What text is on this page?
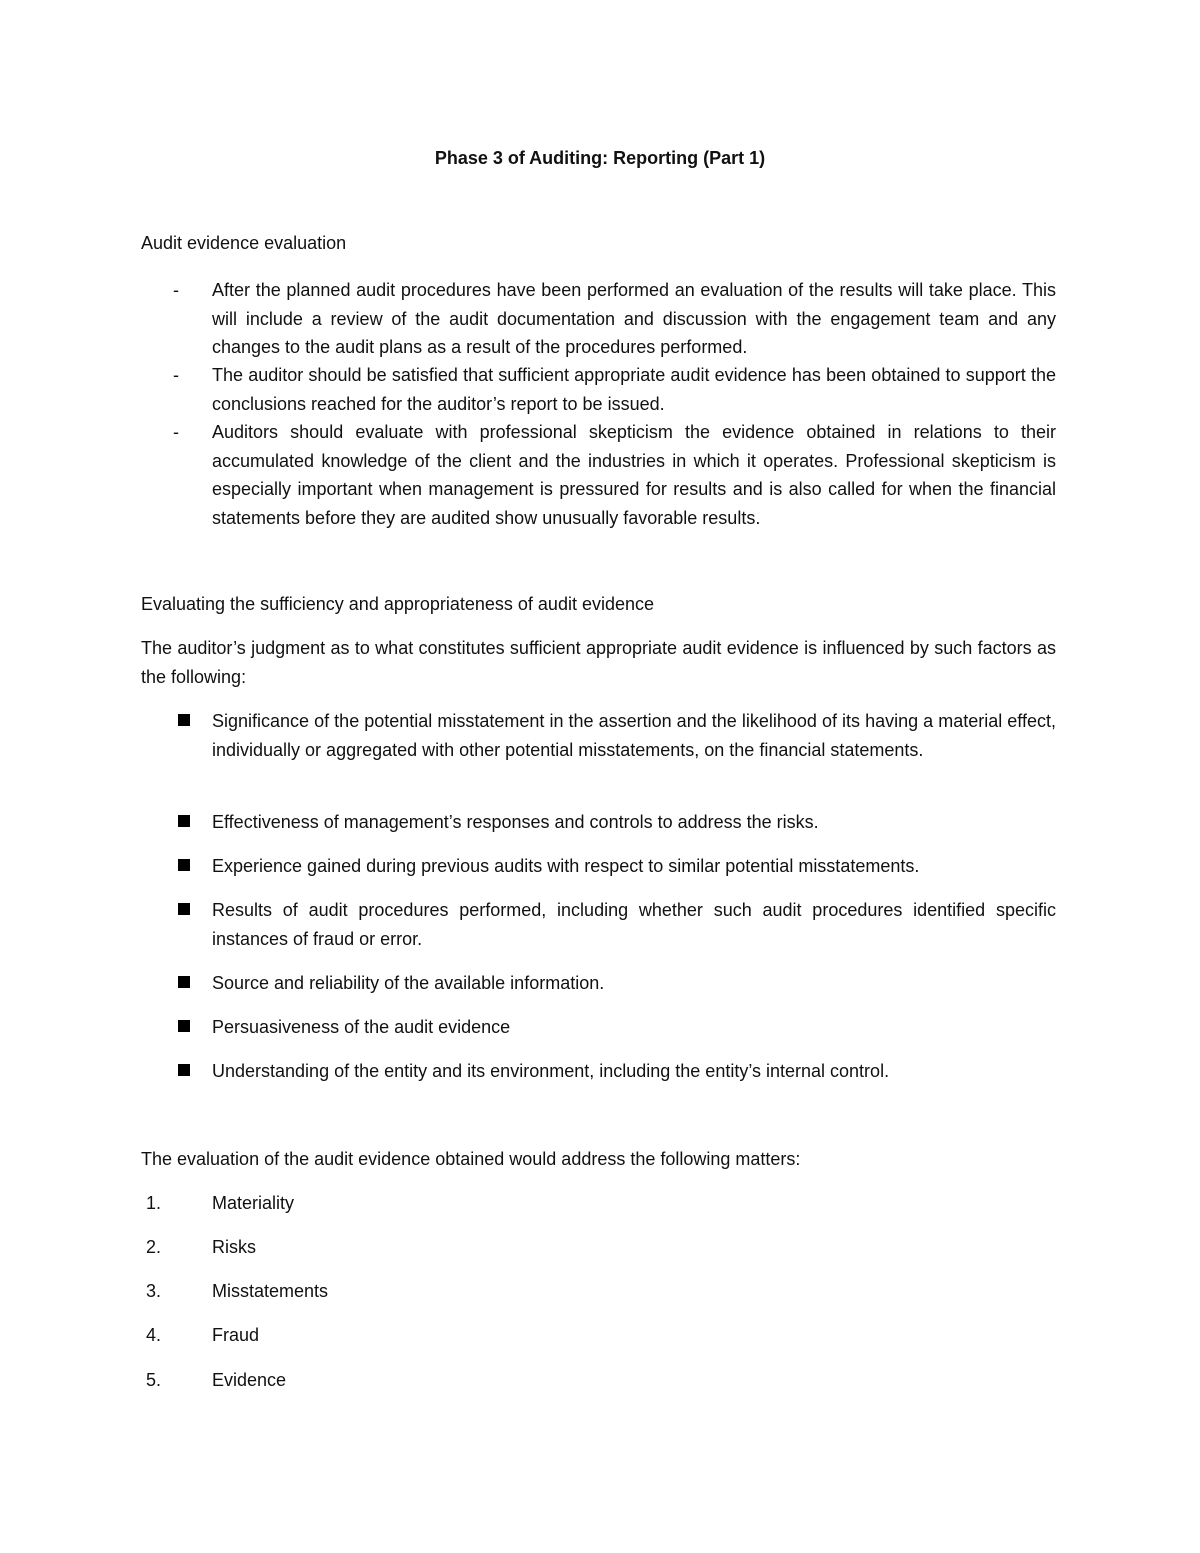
Phase 3 of Auditing: Reporting (Part 1)
Audit evidence evaluation
- After the planned audit procedures have been performed an evaluation of the results will take place. This will include a review of the audit documentation and discussion with the engagement team and any changes to the audit plans as a result of the procedures performed.
- The auditor should be satisfied that sufficient appropriate audit evidence has been obtained to support the conclusions reached for the auditor’s report to be issued.
- Auditors should evaluate with professional skepticism the evidence obtained in relations to their accumulated knowledge of the client and the industries in which it operates. Professional skepticism is especially important when management is pressured for results and is also called for when the financial statements before they are audited show unusually favorable results.
Evaluating the sufficiency and appropriateness of audit evidence
The auditor’s judgment as to what constitutes sufficient appropriate audit evidence is influenced by such factors as the following:
Significance of the potential misstatement in the assertion and the likelihood of its having a material effect, individually or aggregated with other potential misstatements, on the financial statements.
Effectiveness of management’s responses and controls to address the risks.
Experience gained during previous audits with respect to similar potential misstatements.
Results of audit procedures performed, including whether such audit procedures identified specific instances of fraud or error.
Source and reliability of the available information.
Persuasiveness of the audit evidence
Understanding of the entity and its environment, including the entity’s internal control.
The evaluation of the audit evidence obtained would address the following matters:
1.	Materiality
2.	Risks
3.	Misstatements
4.	Fraud
5.	Evidence
